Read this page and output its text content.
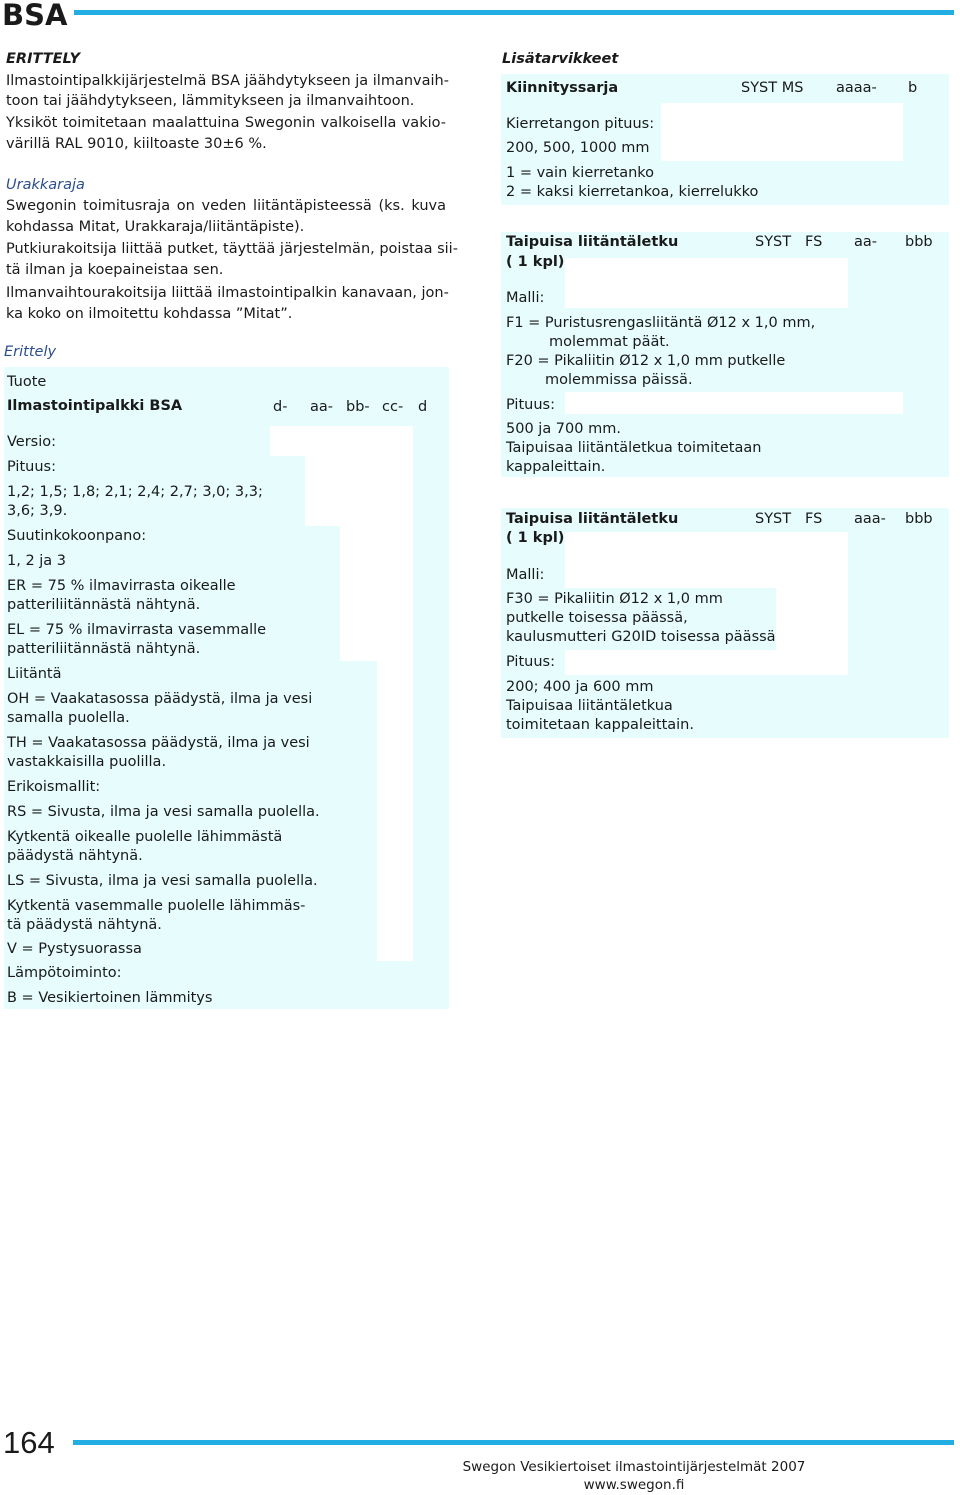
BSA
ERITTELY
Ilmastointipalkkijärjestelmä BSA jäähdytykseen ja ilmanvaih-
toon tai jäähdytykseen, lämmitykseen ja ilmanvaihtoon.
Yksiköt toimitetaan maalattuina Swegonin valkoisella vakio-
värillä RAL 9010, kiiltoaste 30±6 %.
Urakkaraja
Swegonin toimitusraja on veden liitäntäpisteessä (ks. kuva
kohdassa Mitat, Urakkaraja/liitäntäpiste).
Putkiurakoitsija liittää putket, täyttää järjestelmän, poistaa sii-
tä ilman ja koepaineistaa sen.
Ilmanvaihtourakoitsija liittää ilmastointipalkin kanavaan, jon-
ka koko on ilmoitettu kohdassa ”Mitat”.
Erittely
Tuote
Ilmastointipalkki BSA	d- aa- bb- cc- d
Versio:
Pituus:
1,2; 1,5; 1,8; 2,1; 2,4; 2,7; 3,0; 3,3;
3,6; 3,9.
Suutinkokoonpano:
1, 2 ja 3
ER = 75 % ilmavirrasta oikealle
patteriliitännästä nähtynä.
EL = 75 % ilmavirrasta vasemmalle
patteriliitännästä nähtynä.
Liitäntä
OH = Vaakatasossa päädystä, ilma ja vesi
samalla puolella.
TH = Vaakatasossa päädystä, ilma ja vesi
vastakkaisilla puolilla.
Erikoismallit:
RS = Sivusta, ilma ja vesi samalla puolella.
Kytkentä oikealle puolelle lähimmästä
päädystä nähtynä.
LS = Sivusta, ilma ja vesi samalla puolella.
Kytkentä vasemmalle puolelle lähimmäs-
tä päädystä nähtynä.
V = Pystysuorassa
Lämpötoiminto:
B = Vesikiertoinen lämmitys
Lisätarvikkeet
Kiinnityssarja	SYST MS aaaa- b
Kierretangon pituus:
200, 500, 1000 mm
1 = vain kierretanko
2 = kaksi kierretankoa, kierrelukko
Taipuisa liitäntäletku
( 1 kpl)
SYST FS aa- bbb
Malli:
F1 = Puristusrengasliitäntä Ø12 x 1,0 mm,
molemmat päät.
F20 = Pikaliitin Ø12 x 1,0 mm putkelle
molemmissa päissä.
Pituus:
500 ja 700 mm.
Taipuisaa liitäntäletkua toimitetaan
kappaleittain.
Taipuisa liitäntäletku
( 1 kpl)
SYST FS aaa- bbb
Malli:
F30 = Pikaliitin Ø12 x 1,0 mm
putkelle toisessa päässä,
kaulusmutteri G20ID toisessa päässä
Pituus:
200; 400 ja 600 mm
Taipuisaa liitäntäletkua
toimitetaan kappaleittain.
164
Swegon Vesikiertoiset ilmastointijärjestelmät 2007
www.swegon.fi
